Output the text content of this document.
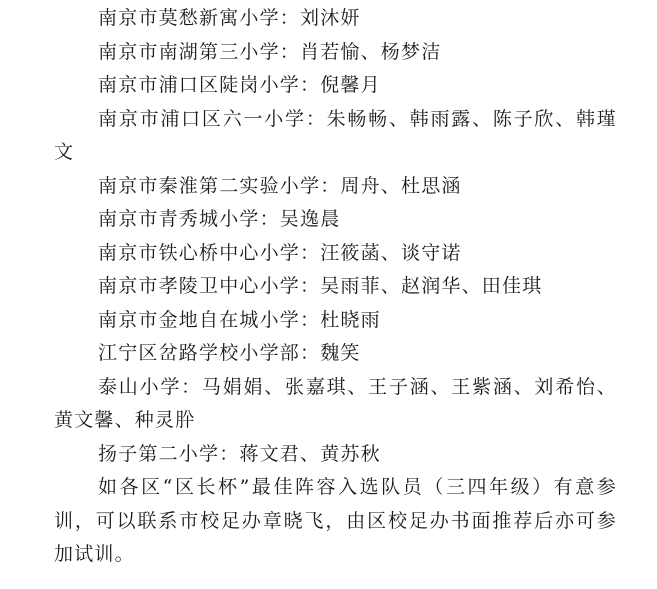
南京市莫愁新寓小学：刘沐妍

南京市南湖第三小学：肖若愉、杨梦洁

南京市浦口区陡岗小学：倪馨月

南京市浦口区六一小学：朱畅畅、韩雨露、陈子欣、韩瑾文

南京市秦淮第二实验小学：周舟、杜思涵

南京市青秀城小学：吴逸晨

南京市铁心桥中心小学：汪筱菡、谈守诺

南京市孝陵卫中心小学：吴雨菲、赵润华、田佳琪

南京市金地自在城小学：杜晓雨

江宁区岔路学校小学部：魏笑

泰山小学：马娟娟、张嘉琪、王子涵、王紫涵、刘希怡、黄文馨、种灵肸

扬子第二小学：蒋文君、黄苏秋

如各区“区长杯”最佳阵容入选队员（三四年级）有意参训，可以联系市校足办章晓飞，由区校足办书面推荐后亦可参加试训。
